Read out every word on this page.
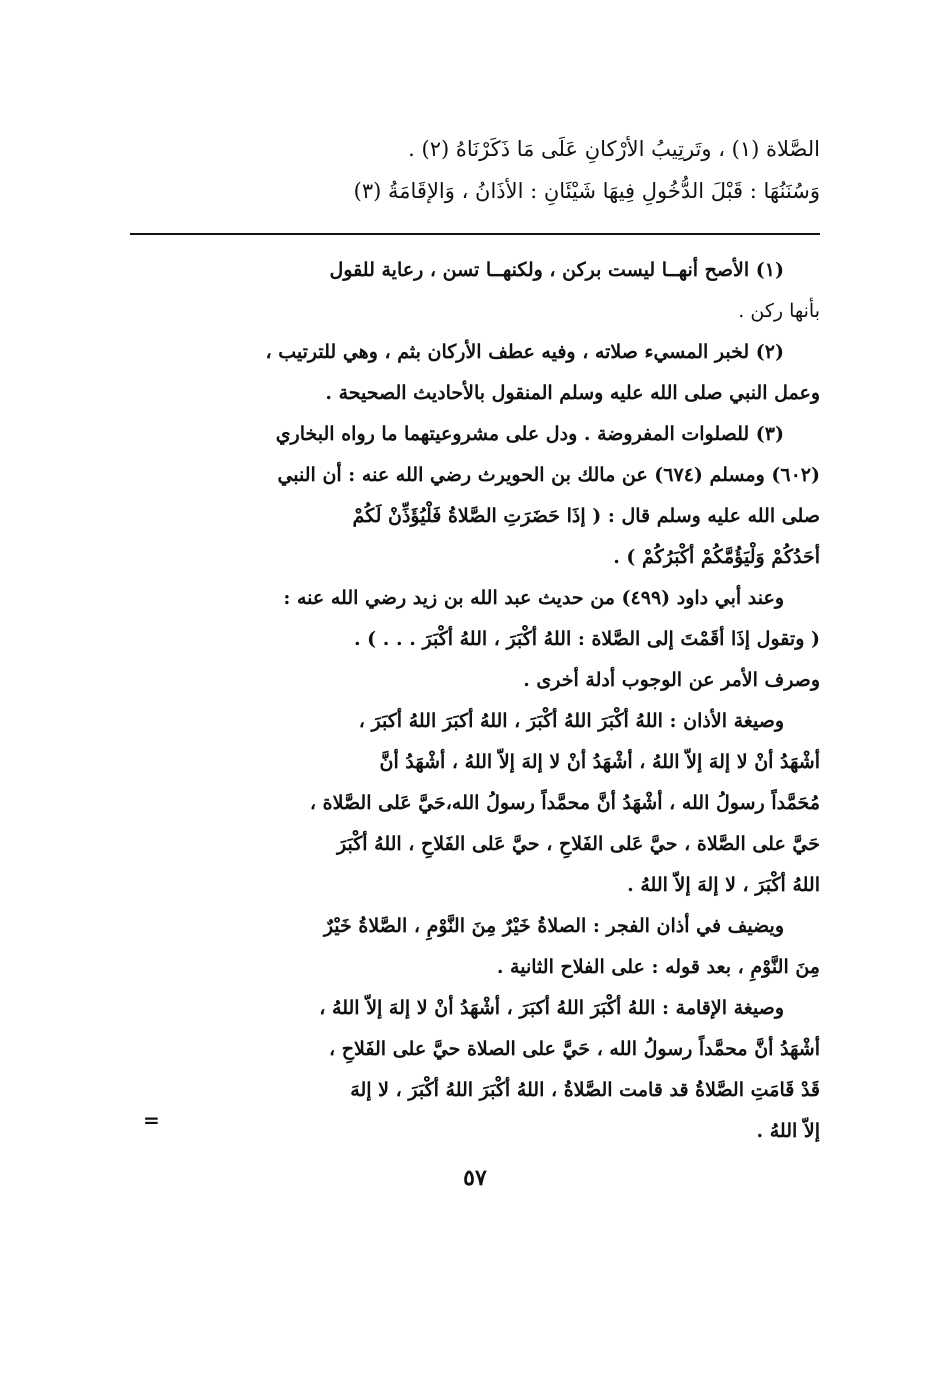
الصَّلاة (١) ، وتَرتِيبُ الأرْكانِ عَلَى مَا ذَكَرْنَاهُ (٢) .
وَسُنَنُهَا : قَبْلَ الدُّخُولِ فِيهَا شَيْئَانِ : الأذَانُ ، وَالإقَامَةُ (٣)
(١) الأصح أنهــا ليست بركن ، ولكنهــا تسن ، رعاية للقول
بأنها ركن .
(٢) لخبر المسيء صلاته ، وفيه عطف الأركان بثم ، وهي للترتيب ،
وعمل النبي صلى الله عليه وسلم المنقول بالأحاديث الصحيحة .
(٣) للصلوات المفروضة . ودل على مشروعيتهما ما رواه البخاري
(٦٠٢) ومسلم (٦٧٤) عن مالك بن الحويرث رضي الله عنه : أن النبي
صلى الله عليه وسلم قال : ( إذَا حَضَرَتِ الصَّلاةُ فَلْيُؤَذِّنْ لَكُمْ
أحَدُكُمْ وَلْيَؤُمَّكُمْ أكْبَرُكُمْ ) .
وعند أبي داود (٤٩٩) من حديث عبد الله بن زيد رضي الله عنه :
( وتقول إذَا أقَمْتَ إلى الصَّلاة : اللهُ أكْبَرَ ، اللهُ أكْبَرَ . . . ) .
وصرف الأمر عن الوجوب أدلة أخرى .
وصيغة الأذان : اللهُ أكْبَرَ اللهُ أكْبَرَ ، اللهُ أكبَرَ اللهُ أكبَرَ ،
أشْهَدُ أنْ لا إلهَ إلاّ اللهُ ، أشْهَدُ أنْ لا إلهَ إلاّ اللهُ ، أشْهَدُ أنَّ
مُحَمَّداً رسولُ الله ، أشْهَدُ أنَّ محمَّداً رسولُ الله،حَيَّ عَلى الصَّلاة ،
حَيَّ على الصَّلاة ، حيَّ عَلى الفَلاحِ ، حيَّ عَلى الفَلاحِ ، اللهُ أكْبَرَ
اللهُ أكْبَرَ ، لا إلهَ إلاّ اللهُ .
ويضيف في أذان الفجر : الصلاةُ خَيْرٌ مِنَ النَّوْمِ ، الصَّلاةُ خَيْرٌ
مِنَ النَّوْمِ ، بعد قوله : على الفلاح الثانية .
وصيغة الإقامة : اللهُ أكْبَرَ اللهُ أكبَرَ ، أشْهَدُ أنْ لا إلهَ إلاّ اللهُ ،
أشْهَدُ أنَّ محمَّداً رسولُ الله ، حَيَّ على الصلاة حيَّ على الفَلاحِ ،
قَدْ قَامَتِ الصَّلاةُ قد قامت الصَّلاةُ ، اللهُ أكْبَرَ اللهُ أكْبَرَ ، لا إلهَ
إلاّ اللهُ .
=
٥٧
